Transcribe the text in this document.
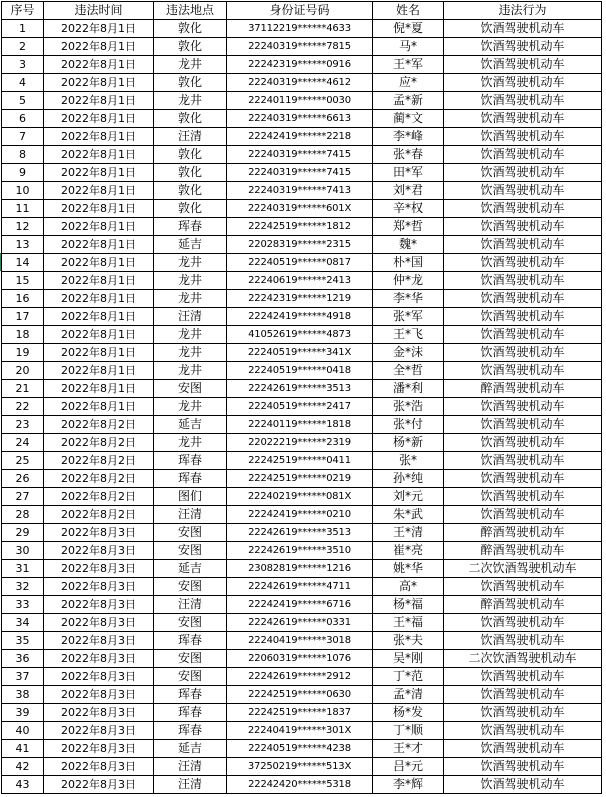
序号	违法时间	违法地点	身份证号码	姓名	违法行为
1	2022年8月1日	敦化	37112219******4633	倪*夏	饮酒驾驶机动车
2	2022年8月1日	敦化	22240319******7815	马*	饮酒驾驶机动车
3	2022年8月1日	龙井	22242319******0916	王*军	饮酒驾驶机动车
4	2022年8月1日	敦化	22240319******4612	应*	饮酒驾驶机动车
5	2022年8月1日	龙井	22240119******0030	孟*新	饮酒驾驶机动车
6	2022年8月1日	敦化	22240319******6613	蔺*文	饮酒驾驶机动车
7	2022年8月1日	汪清	22242419******2218	李*峰	饮酒驾驶机动车
8	2022年8月1日	敦化	22240319******7415	张*春	饮酒驾驶机动车
9	2022年8月1日	敦化	22240319******7415	田*军	饮酒驾驶机动车
10	2022年8月1日	敦化	22240319******7413	刘*君	饮酒驾驶机动车
11	2022年8月1日	敦化	22240319******601X	辛*权	饮酒驾驶机动车
12	2022年8月1日	珲春	22242519******1812	郑*哲	饮酒驾驶机动车
13	2022年8月1日	延吉	22028319******2315	魏*	饮酒驾驶机动车
14	2022年8月1日	龙井	22240519******0817	朴*国	饮酒驾驶机动车
15	2022年8月1日	龙井	22240619******2413	仲*龙	饮酒驾驶机动车
16	2022年8月1日	龙井	22242319******1219	李*华	饮酒驾驶机动车
17	2022年8月1日	汪清	22242419******4918	张*军	饮酒驾驶机动车
18	2022年8月1日	龙井	41052619******4873	王*飞	饮酒驾驶机动车
19	2022年8月1日	龙井	22240519******341X	金*沫	饮酒驾驶机动车
20	2022年8月1日	龙井	22240519******0418	全*哲	饮酒驾驶机动车
21	2022年8月1日	安图	22242619******3513	潘*利	醉酒驾驶机动车
22	2022年8月1日	龙井	22240519******2417	张*浩	饮酒驾驶机动车
23	2022年8月2日	延吉	22240119******1818	张*付	饮酒驾驶机动车
24	2022年8月2日	龙井	22022219******2319	杨*新	饮酒驾驶机动车
25	2022年8月2日	珲春	22242519******0411	张*	饮酒驾驶机动车
26	2022年8月2日	珲春	22242519******0219	孙*纯	饮酒驾驶机动车
27	2022年8月2日	图们	22240219******081X	刘*元	饮酒驾驶机动车
28	2022年8月2日	汪清	22242419******0210	朱*武	饮酒驾驶机动车
29	2022年8月3日	安图	22242619******3513	王*清	醉酒驾驶机动车
30	2022年8月3日	安图	22242619******3510	崔*亮	醉酒驾驶机动车
31	2022年8月3日	延吉	23082819******1216	姚*华	二次饮酒驾驶机动车
32	2022年8月3日	安图	22242619******4711	高*	饮酒驾驶机动车
33	2022年8月3日	汪清	22242419******6716	杨*福	醉酒驾驶机动车
34	2022年8月3日	安图	22242619******0331	王*福	饮酒驾驶机动车
35	2022年8月3日	珲春	22240419******3018	张*夫	饮酒驾驶机动车
36	2022年8月3日	安图	22060319******1076	吴*刚	二次饮酒驾驶机动车
37	2022年8月3日	安图	22242619******2912	丁*范	饮酒驾驶机动车
38	2022年8月3日	珲春	22242519******0630	孟*清	饮酒驾驶机动车
39	2022年8月3日	珲春	22242519******1837	杨*发	饮酒驾驶机动车
40	2022年8月3日	珲春	22240419******301X	丁*顺	饮酒驾驶机动车
41	2022年8月3日	延吉	22240519******4238	王*才	饮酒驾驶机动车
42	2022年8月3日	汪清	37250219******513X	吕*元	饮酒驾驶机动车
43	2022年8月3日	汪清	22242420******5318	李*辉	饮酒驾驶机动车
